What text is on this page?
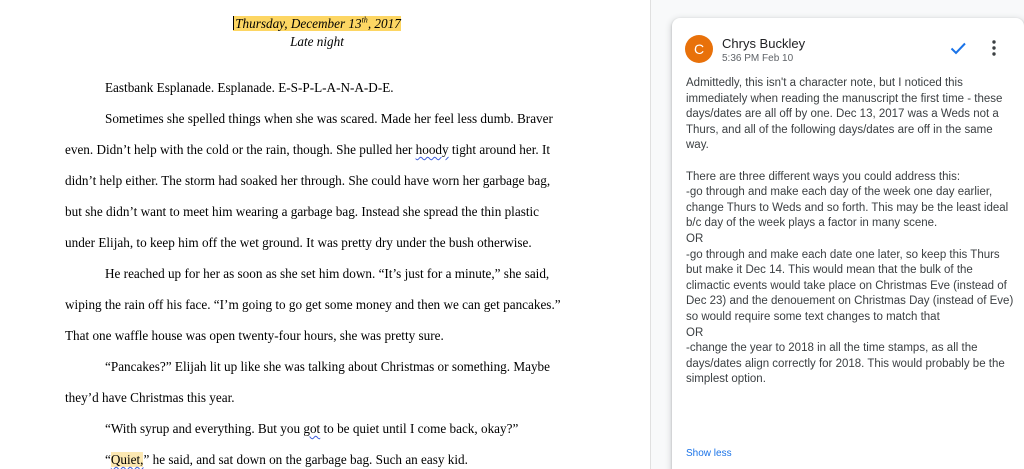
Thursday, December 13th, 2017
Late night
Eastbank Esplanade. Esplanade. E-S-P-L-A-N-A-D-E.
Sometimes she spelled things when she was scared. Made her feel less dumb. Braver
even. Didn’t help with the cold or the rain, though. She pulled her hoody tight around her. It
didn’t help either. The storm had soaked her through. She could have worn her garbage bag,
but she didn’t want to meet him wearing a garbage bag. Instead she spread the thin plastic
under Elijah, to keep him off the wet ground. It was pretty dry under the bush otherwise.
He reached up for her as soon as she set him down. “It’s just for a minute,” she said,
wiping the rain off his face. “I’m going to go get some money and then we can get pancakes.”
That one waffle house was open twenty-four hours, she was pretty sure.
“Pancakes?” Elijah lit up like she was talking about Christmas or something. Maybe
they’d have Christmas this year.
“With syrup and everything. But you got to be quiet until I come back, okay?”
“Quiet,” he said, and sat down on the garbage bag. Such an easy kid.
C	Chrys Buckley
5:36 PM Feb 10

Admittedly, this isn't a character note, but I noticed this immediately when reading the manuscript the first time - these days/dates are all off by one. Dec 13, 2017 was a Weds not a Thurs, and all of the following days/dates are off in the same way.

There are three different ways you could address this:

-go through and make each day of the week one day earlier, change Thurs to Weds and so forth. This may be the least ideal b/c day of the week plays a factor in many scene.

OR

-go through and make each date one later, so keep this Thurs but make it Dec 14. This would mean that the bulk of the climactic events would take place on Christmas Eve (instead of Dec 23) and the denouement on Christmas Day (instead of Eve) so would require some text changes to match that

OR

-change the year to 2018 in all the time stamps, as all the days/dates align correctly for 2018. This would probably be the simplest option.

Show less
